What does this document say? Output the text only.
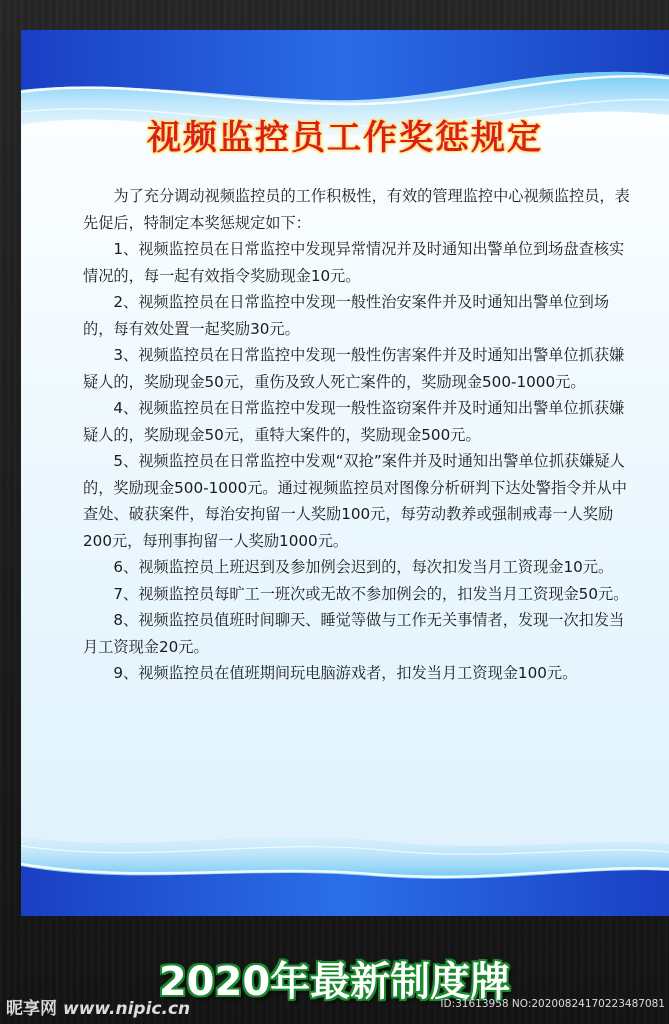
视频监控员工作奖惩规定

为了充分调动视频监控员的工作积极性，有效的管理监控中心视频监控员，表先促后，特制定本奖惩规定如下：

1、视频监控员在日常监控中发现异常情况并及时通知出警单位到场盘查核实情况的，每一起有效指令奖励现金10元。

2、视频监控员在日常监控中发现一般性治安案件并及时通知出警单位到场的，每有效处置一起奖励30元。

3、视频监控员在日常监控中发现一般性伤害案件并及时通知出警单位抓获嫌疑人的，奖励现金50元，重伤及致人死亡案件的，奖励现金500-1000元。

4、视频监控员在日常监控中发现一般性盗窃案件并及时通知出警单位抓获嫌疑人的，奖励现金50元，重特大案件的，奖励现金500元。

5、视频监控员在日常监控中发观“双抢”案件并及时通知出警单位抓获嫌疑人的，奖励现金500-1000元。通过视频监控员对图像分析研判下达处警指令并从中查处、破获案件，每治安拘留一人奖励100元，每劳动教养或强制戒毒一人奖励200元，每刑事拘留一人奖励1000元。

6、视频监控员上班迟到及参加例会迟到的，每次扣发当月工资现金10元。

7、视频监控员每旷工一班次或无故不参加例会的，扣发当月工资现金50元。

8、视频监控员值班时间聊天、睡觉等做与工作无关事情者，发现一次扣发当月工资现金20元。

9、视频监控员在值班期间玩电脑游戏者，扣发当月工资现金100元。

2020年最新制度牌
昵享网 www.nipic.cn	ID:31613958 NO:20200824170223487081
